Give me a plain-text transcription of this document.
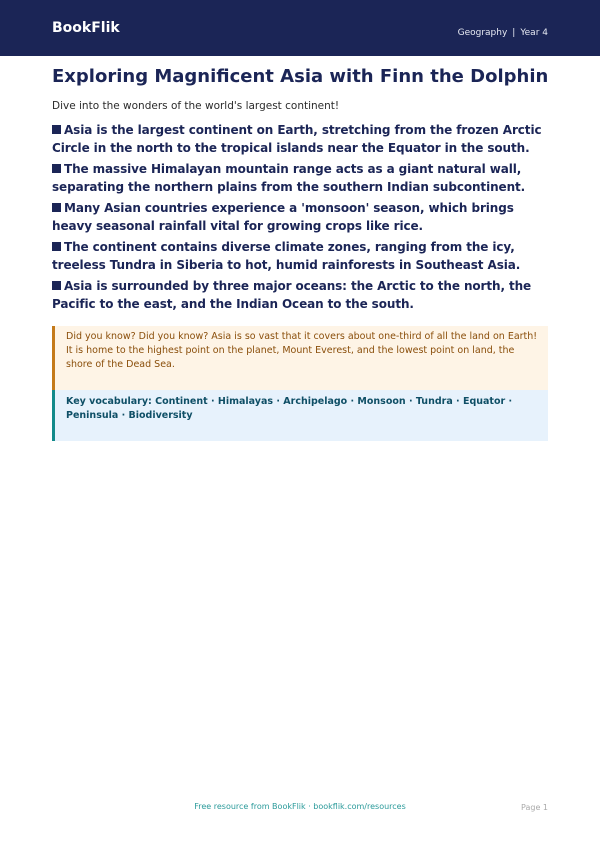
BookFlik	Geography | Year 4
Exploring Magnificent Asia with Finn the Dolphin
Dive into the wonders of the world's largest continent!
Asia is the largest continent on Earth, stretching from the frozen Arctic Circle in the north to the tropical islands near the Equator in the south.
The massive Himalayan mountain range acts as a giant natural wall, separating the northern plains from the southern Indian subcontinent.
Many Asian countries experience a 'monsoon' season, which brings heavy seasonal rainfall vital for growing crops like rice.
The continent contains diverse climate zones, ranging from the icy, treeless Tundra in Siberia to hot, humid rainforests in Southeast Asia.
Asia is surrounded by three major oceans: the Arctic to the north, the Pacific to the east, and the Indian Ocean to the south.
Did you know? Did you know? Asia is so vast that it covers about one-third of all the land on Earth! It is home to the highest point on the planet, Mount Everest, and the lowest point on land, the shore of the Dead Sea.
Key vocabulary: Continent · Himalayas · Archipelago · Monsoon · Tundra · Equator · Peninsula · Biodiversity
Free resource from BookFlik · bookflik.com/resources	Page 1
